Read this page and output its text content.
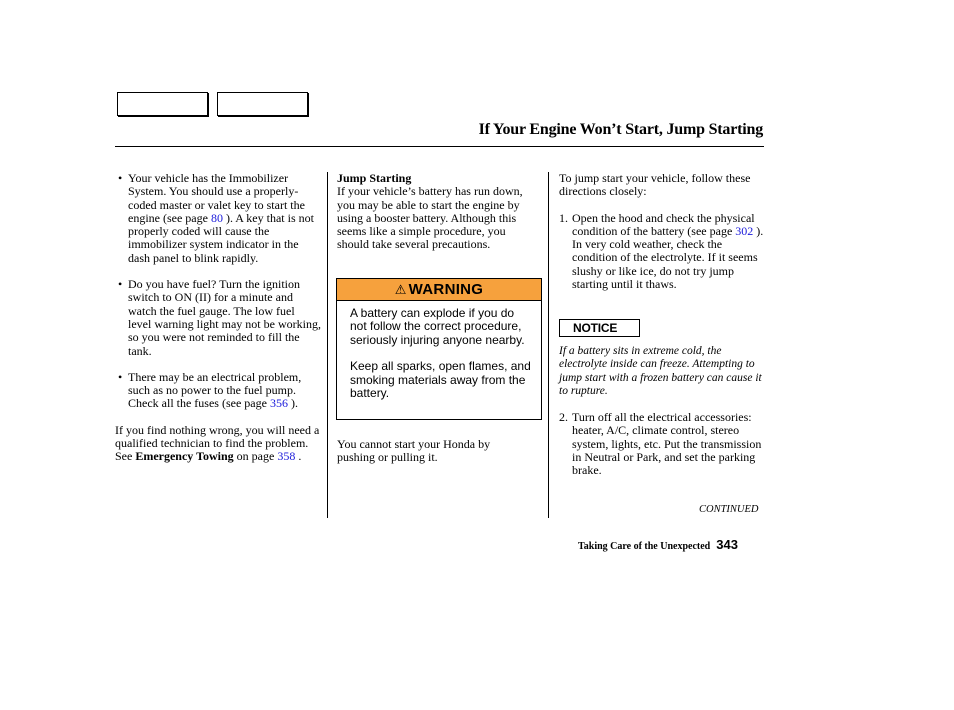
If Your Engine Won’t Start, Jump Starting

• Your vehicle has the Immobilizer System. You should use a properly-coded master or valet key to start the engine (see page 80 ). A key that is not properly coded will cause the immobilizer system indicator in the dash panel to blink rapidly.

• Do you have fuel? Turn the ignition switch to ON (II) for a minute and watch the fuel gauge. The low fuel level warning light may not be working, so you were not reminded to fill the tank.

• There may be an electrical problem, such as no power to the fuel pump. Check all the fuses (see page 356 ).

If you find nothing wrong, you will need a qualified technician to find the problem. See Emergency Towing on page 358 .

Jump Starting

If your vehicle’s battery has run down, you may be able to start the engine by using a booster battery. Although this seems like a simple procedure, you should take several precautions.

⚠ WARNING

A battery can explode if you do not follow the correct procedure, seriously injuring anyone nearby.

Keep all sparks, open flames, and smoking materials away from the battery.

You cannot start your Honda by pushing or pulling it.

To jump start your vehicle, follow these directions closely:

1. Open the hood and check the physical condition of the battery (see page 302 ). In very cold weather, check the condition of the electrolyte. If it seems slushy or like ice, do not try jump starting until it thaws.

NOTICE

If a battery sits in extreme cold, the electrolyte inside can freeze. Attempting to jump start with a frozen battery can cause it to rupture.

2. Turn off all the electrical accessories: heater, A/C, climate control, stereo system, lights, etc. Put the transmission in Neutral or Park, and set the parking brake.

CONTINUED
Taking Care of the Unexpected 343
